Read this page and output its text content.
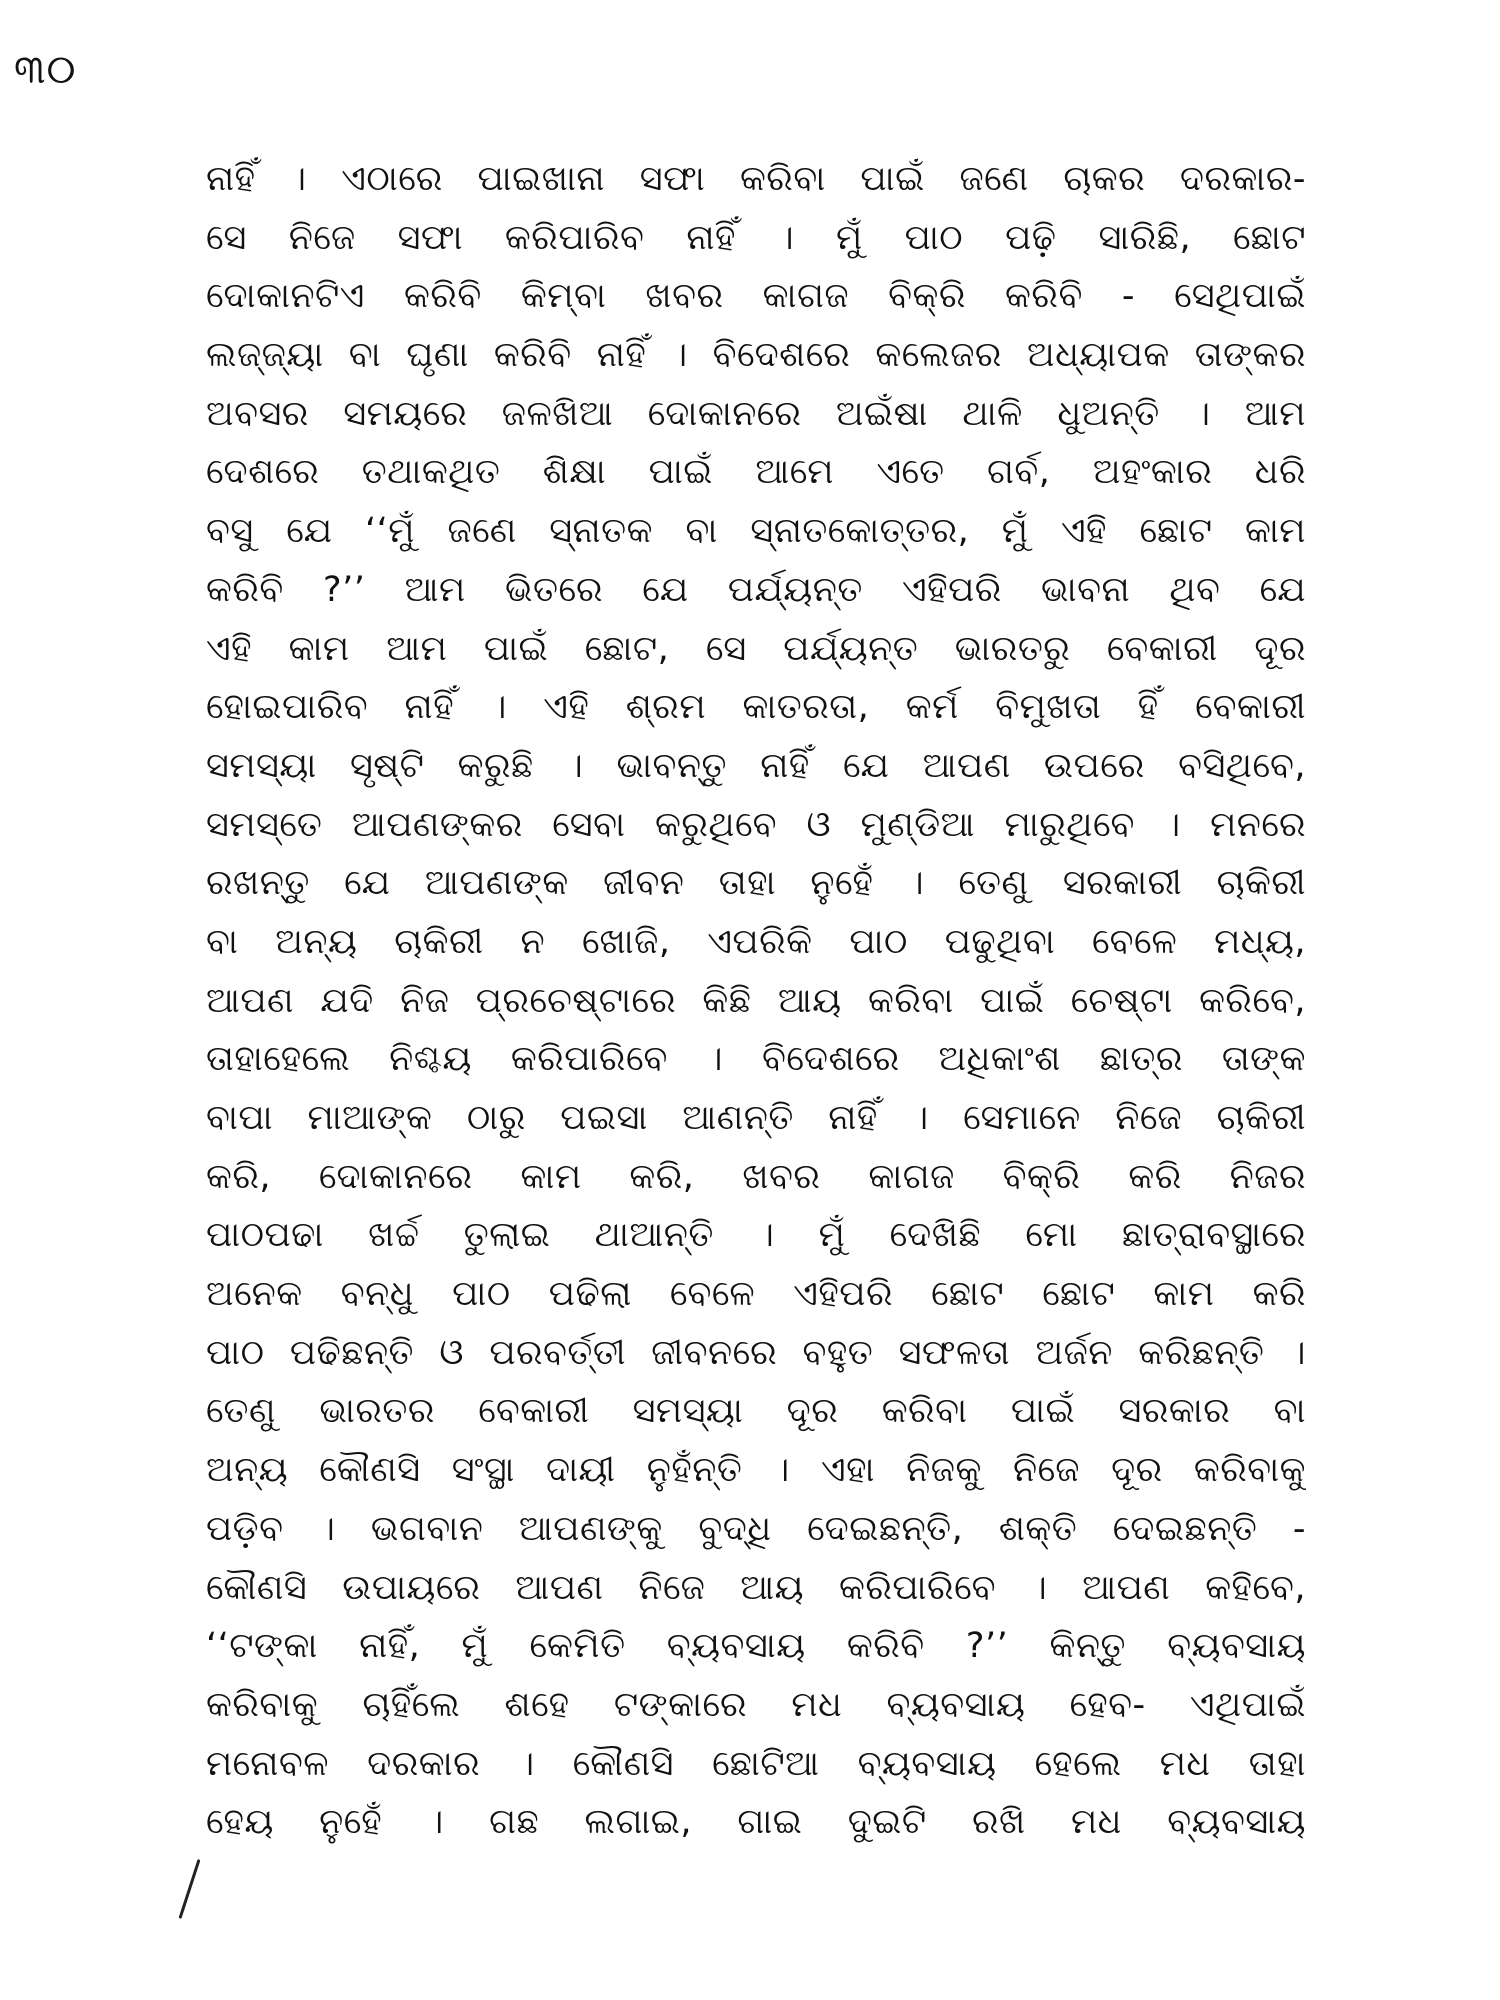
୩୦
ନାହିଁ । ଏଠାରେ ପାଇଖାନା ସଫା କରିବା ପାଇଁ ଜଣେ ଚାକର ଦରକାର-
ସେ ନିଜେ ସଫା କରିପାରିବ ନାହିଁ । ମୁଁ ପାଠ ପଢ଼ି ସାରିଛି, ଛୋଟ
ଦୋକାନଟିଏ କରିବି କିମ୍ବା ଖବର କାଗଜ ବିକ୍ରି କରିବି - ସେଥିପାଇଁ
ଲଜ୍ଜ୍ୟା ବା ଘୃଣା କରିବି ନାହିଁ । ବିଦେଶରେ କଲେଜର ଅଧ୍ୟାପକ ତାଙ୍କର
ଅବସର ସମୟରେ ଜଳଖିଆ ଦୋକାନରେ ଅଇଁଷା ଥାଳି ଧୁଅନ୍ତି । ଆମ
ଦେଶରେ ତଥାକଥିତ ଶିକ୍ଷା ପାଇଁ ଆମେ ଏତେ ଗର୍ବ, ଅହଂକାର ଧରି
ବସୁ ଯେ ‘‘ମୁଁ ଜଣେ ସ୍ନାତକ ବା ସ୍ନାତକୋତ୍ତର, ମୁଁ ଏହି ଛୋଟ କାମ
କରିବି ?’’ ଆମ ଭିତରେ ଯେ ପର୍ଯ୍ୟନ୍ତ ଏହିପରି ଭାବନା ଥିବ ଯେ
ଏହି କାମ ଆମ ପାଇଁ ଛୋଟ, ସେ ପର୍ଯ୍ୟନ୍ତ ଭାରତରୁ ବେକାରୀ ଦୂର
ହୋଇପାରିବ ନାହିଁ । ଏହି ଶ୍ରମ କାତରତା, କର୍ମ ବିମୁଖତା ହିଁ ବେକାରୀ
ସମସ୍ୟା ସୃଷ୍ଟି କରୁଛି । ଭାବନ୍ତୁ ନାହିଁ ଯେ ଆପଣ ଉପରେ ବସିଥିବେ,
ସମସ୍ତେ ଆପଣଙ୍କର ସେବା କରୁଥିବେ ଓ ମୁଣ୍ଡିଆ ମାରୁଥିବେ । ମନରେ
ରଖନ୍ତୁ ଯେ ଆପଣଙ୍କ ଜୀବନ ତାହା ନୁହେଁ । ତେଣୁ ସରକାରୀ ଚାକିରୀ
ବା ଅନ୍ୟ ଚାକିରୀ ନ ଖୋଜି, ଏପରିକି ପାଠ ପଢୁଥିବା ବେଳେ ମଧ୍ୟ,
ଆପଣ ଯଦି ନିଜ ପ୍ରଚେଷ୍ଟାରେ କିଛି ଆୟ କରିବା ପାଇଁ ଚେଷ୍ଟା କରିବେ,
ତାହାହେଲେ ନିଶ୍ଚୟ କରିପାରିବେ । ବିଦେଶରେ ଅଧିକାଂଶ ଛାତ୍ର ତାଙ୍କ
ବାପା ମାଆଙ୍କ ଠାରୁ ପଇସା ଆଣନ୍ତି ନାହିଁ । ସେମାନେ ନିଜେ ଚାକିରୀ
କରି, ଦୋକାନରେ କାମ କରି, ଖବର କାଗଜ ବିକ୍ରି କରି ନିଜର
ପାଠପଢା ଖର୍ଚ୍ଚ ତୁଲାଇ ଥାଆନ୍ତି । ମୁଁ ଦେଖିଛି ମୋ ଛାତ୍ରାବସ୍ଥାରେ
ଅନେକ ବନ୍ଧୁ ପାଠ ପଢିଲା ବେଳେ ଏହିପରି ଛୋଟ ଛୋଟ କାମ କରି
ପାଠ ପଢିଛନ୍ତି ଓ ପରବର୍ତ୍ତୀ ଜୀବନରେ ବହୁତ ସଫଳତା ଅର୍ଜନ କରିଛନ୍ତି ।
ତେଣୁ ଭାରତର ବେକାରୀ ସମସ୍ୟା ଦୂର କରିବା ପାଇଁ ସରକାର ବା
ଅନ୍ୟ କୌଣସି ସଂସ୍ଥା ଦାୟୀ ନୁହଁନ୍ତି । ଏହା ନିଜକୁ ନିଜେ ଦୂର କରିବାକୁ
ପଡ଼ିବ । ଭଗବାନ ଆପଣଙ୍କୁ ବୁଦ୍ଧି ଦେଇଛନ୍ତି, ଶକ୍ତି ଦେଇଛନ୍ତି -
କୌଣସି ଉପାୟରେ ଆପଣ ନିଜେ ଆୟ କରିପାରିବେ । ଆପଣ କହିବେ,
‘‘ଟଙ୍କା ନାହିଁ, ମୁଁ କେମିତି ବ୍ୟବସାୟ କରିବି ?’’ କିନ୍ତୁ ବ୍ୟବସାୟ
କରିବାକୁ ଚାହିଁଲେ ଶହେ ଟଙ୍କାରେ ମଧ ବ୍ୟବସାୟ ହେବ- ଏଥିପାଇଁ
ମନୋବଳ ଦରକାର । କୌଣସି ଛୋଟିଆ ବ୍ୟବସାୟ ହେଲେ ମଧ ତାହା
ହେୟ ନୁହେଁ । ଗଛ ଲଗାଇ, ଗାଇ ଦୁଇଟି ରଖି ମଧ ବ୍ୟବସାୟ
